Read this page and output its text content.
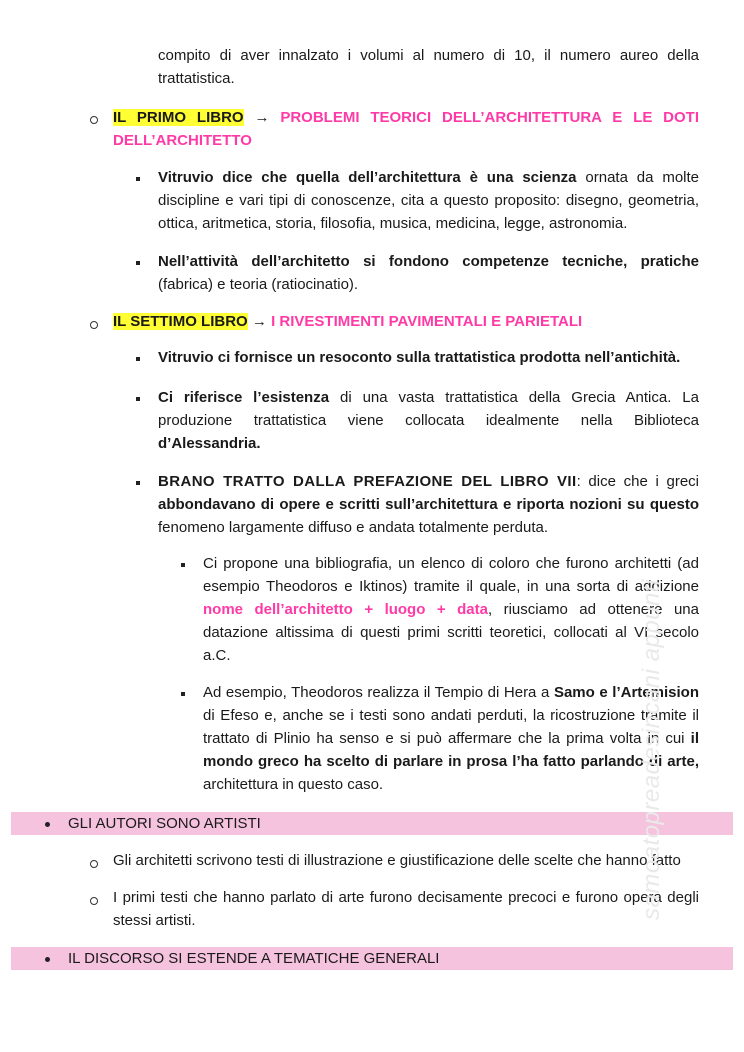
compito di aver innalzato i volumi al numero di 10, il numero aureo della trattatistica.
IL PRIMO LIBRO → PROBLEMI TEORICI DELL’ARCHITETTURA E LE DOTI DELL’ARCHITETTO
Vitruvio dice che quella dell’architettura è una scienza ornata da molte discipline e vari tipi di conoscenze, cita a questo proposito: disegno, geometria, ottica, aritmetica, storia, filosofia, musica, medicina, legge, astronomia.
Nell’attività dell’architetto si fondono competenze tecniche, pratiche (fabrica) e teoria (ratiocinatio).
IL SETTIMO LIBRO → I RIVESTIMENTI PAVIMENTALI E PARIETALI
Vitruvio ci fornisce un resoconto sulla trattatistica prodotta nell’antichità.
Ci riferisce l’esistenza di una vasta trattatistica della Grecia Antica. La produzione trattatistica viene collocata idealmente nella Biblioteca d’Alessandria.
BRANO TRATTO DALLA PREFAZIONE DEL LIBRO VII: dice che i greci
abbondavano di opere e scritti sull’architettura e riporta nozioni su questo
fenomeno largamente diffuso e andata totalmente perduta.
Ci propone una bibliografia, un elenco di coloro che furono architetti (ad esempio Theodoros e Iktinos) tramite il quale, in una sorta di addizione nome dell’architetto + luogo + data, riusciamo ad ottenere una datazione altissima di questi primi scritti teoretici, collocati al VI secolo a.C.
Ad esempio, Theodoros realizza il Tempio di Hera a Samo e l’Artemision di Efeso e, anche se i testi sono andati perduti, la ricostruzione tramite il trattato di Plinio ha senso e si può affermare che la prima volta in cui il mondo greco ha scelto di parlare in prosa l’ha fatto parlando di arte, architettura in questo caso.
GLI AUTORI SONO ARTISTI
Gli architetti scrivono testi di illustrazione e giustificazione delle scelte che hanno fatto
I primi testi che hanno parlato di arte furono decisamente precoci e furono opera degli stessi artisti.
IL DISCORSO SI ESTENDE A TEMATICHE GENERALI
samoatopreadesincani appunti
